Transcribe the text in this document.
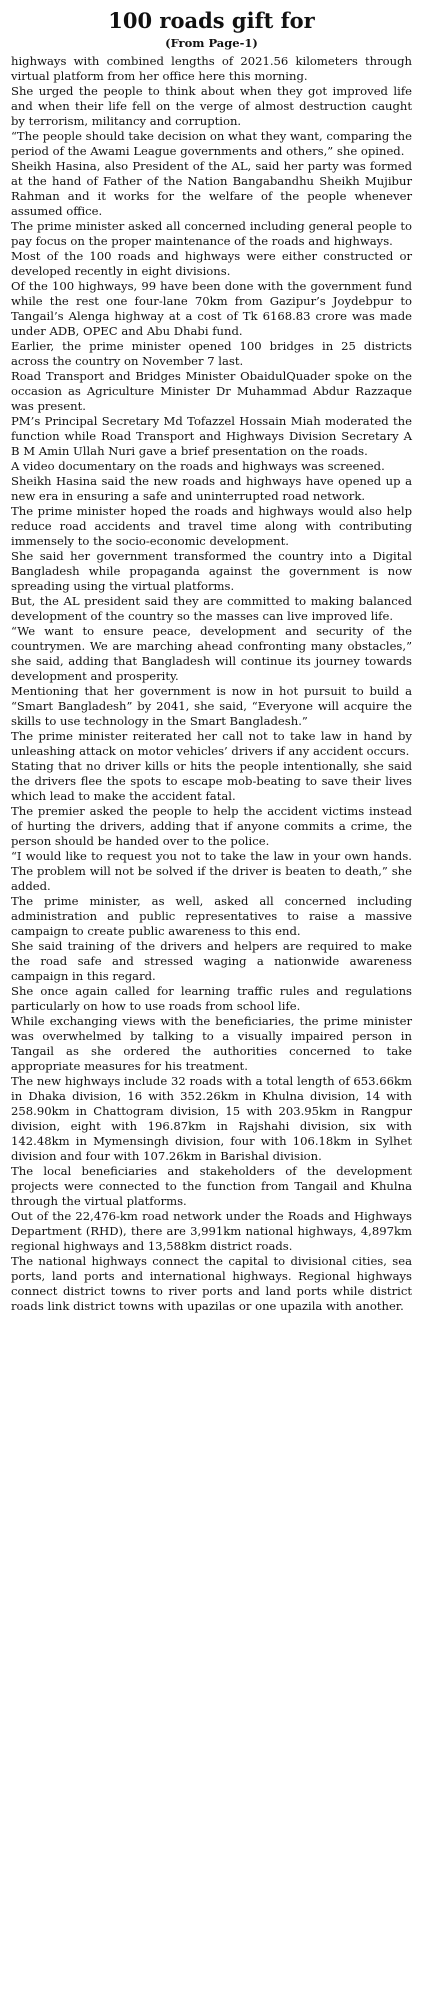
100 roads gift for
(From Page-1)

highways with combined lengths of 2021.56 kilometers through virtual platform from her office here this morning.

She urged the people to think about when they got improved life and when their life fell on the verge of almost destruction caught by terrorism, militancy and corruption.

“The people should take decision on what they want, comparing the period of the Awami League governments and others,” she opined.

Sheikh Hasina, also President of the AL, said her party was formed at the hand of Father of the Nation Bangabandhu Sheikh Mujibur Rahman and it works for the welfare of the people whenever assumed office.

The prime minister asked all concerned including general people to pay focus on the proper maintenance of the roads and highways.

Most of the 100 roads and highways were either constructed or developed recently in eight divisions.

Of the 100 highways, 99 have been done with the government fund while the rest one four-lane 70km from Gazipur’s Joydebpur to Tangail’s Alenga highway at a cost of Tk 6168.83 crore was made under ADB, OPEC and Abu Dhabi fund.

Earlier, the prime minister opened 100 bridges in 25 districts across the country on November 7 last.

Road Transport and Bridges Minister ObaidulQuader spoke on the occasion as Agriculture Minister Dr Muhammad Abdur Razzaque was present.

PM’s Principal Secretary Md Tofazzel Hossain Miah moderated the function while Road Transport and Highways Division Secretary A B M Amin Ullah Nuri gave a brief presentation on the roads.

A video documentary on the roads and highways was screened.

Sheikh Hasina said the new roads and highways have opened up a new era in ensuring a safe and uninterrupted road network.

The prime minister hoped the roads and highways would also help reduce road accidents and travel time along with contributing immensely to the socio-economic development.

She said her government transformed the country into a Digital Bangladesh while propaganda against the government is now spreading using the virtual platforms.

But, the AL president said they are committed to making balanced development of the country so the masses can live improved life.

“We want to ensure peace, development and security of the countrymen. We are marching ahead confronting many obstacles,” she said, adding that Bangladesh will continue its journey towards development and prosperity.

Mentioning that her government is now in hot pursuit to build a “Smart Bangladesh” by 2041, she said, “Everyone will acquire the skills to use technology in the Smart Bangladesh.”

The prime minister reiterated her call not to take law in hand by unleashing attack on motor vehicles’ drivers if any accident occurs.

Stating that no driver kills or hits the people intentionally, she said the drivers flee the spots to escape mob-beating to save their lives which lead to make the accident fatal.

The premier asked the people to help the accident victims instead of hurting the drivers, adding that if anyone commits a crime, the person should be handed over to the police.

“I would like to request you not to take the law in your own hands. The problem will not be solved if the driver is beaten to death,” she added.

The prime minister, as well, asked all concerned including administration and public representatives to raise a massive campaign to create public awareness to this end.

She said training of the drivers and helpers are required to make the road safe and stressed waging a nationwide awareness campaign in this regard.

She once again called for learning traffic rules and regulations particularly on how to use roads from school life.

While exchanging views with the beneficiaries, the prime minister was overwhelmed by talking to a visually impaired person in Tangail as she ordered the authorities concerned to take appropriate measures for his treatment.

The new highways include 32 roads with a total length of 653.66km in Dhaka division, 16 with 352.26km in Khulna division, 14 with 258.90km in Chattogram division, 15 with 203.95km in Rangpur division, eight with 196.87km in Rajshahi division, six with 142.48km in Mymensingh division, four with 106.18km in Sylhet division and four with 107.26km in Barishal division.

The local beneficiaries and stakeholders of the development projects were connected to the function from Tangail and Khulna through the virtual platforms.

Out of the 22,476-km road network under the Roads and Highways Department (RHD), there are 3,991km national highways, 4,897km regional highways and 13,588km district roads.

The national highways connect the capital to divisional cities, sea ports, land ports and international highways. Regional highways connect district towns to river ports and land ports while district roads link district towns with upazilas or one upazila with another.
